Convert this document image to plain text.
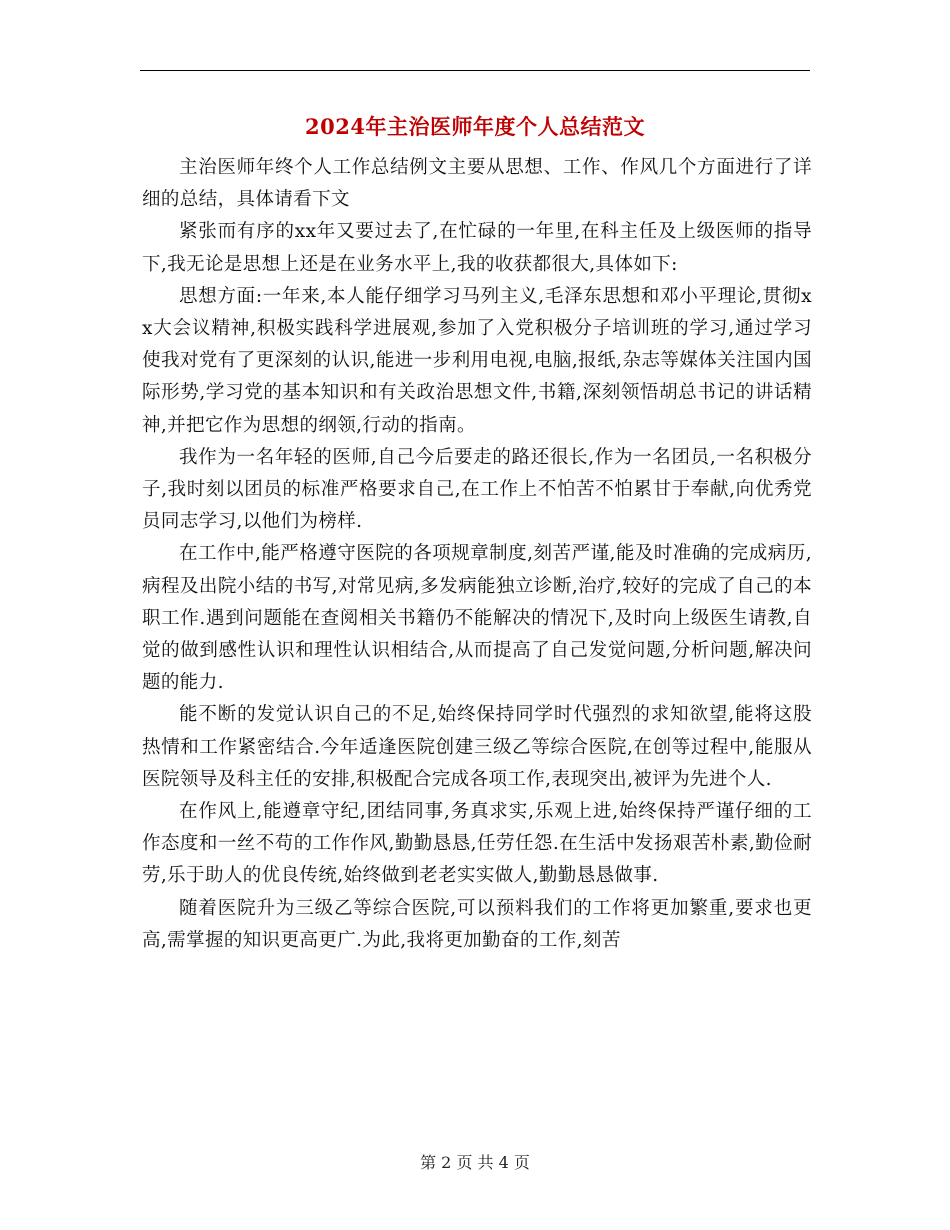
2024年主治医师年度个人总结范文

主治医师年终个人工作总结例文主要从思想、工作、作风几个方面进行了详细的总结，具体请看下文

紧张而有序的xx年又要过去了,在忙碌的一年里,在科主任及上级医师的指导下,我无论是思想上还是在业务水平上,我的收获都很大,具体如下:

思想方面:一年来,本人能仔细学习马列主义,毛泽东思想和邓小平理论,贯彻xx大会议精神,积极实践科学进展观,参加了入党积极分子培训班的学习,通过学习使我对党有了更深刻的认识,能进一步利用电视,电脑,报纸,杂志等媒体关注国内国际形势,学习党的基本知识和有关政治思想文件,书籍,深刻领悟胡总书记的讲话精神,并把它作为思想的纲领,行动的指南。

我作为一名年轻的医师,自己今后要走的路还很长,作为一名团员,一名积极分子,我时刻以团员的标准严格要求自己,在工作上不怕苦不怕累甘于奉献,向优秀党员同志学习,以他们为榜样.

在工作中,能严格遵守医院的各项规章制度,刻苦严谨,能及时准确的完成病历,病程及出院小结的书写,对常见病,多发病能独立诊断,治疗,较好的完成了自己的本职工作.遇到问题能在查阅相关书籍仍不能解决的情况下,及时向上级医生请教,自觉的做到感性认识和理性认识相结合,从而提高了自己发觉问题,分析问题,解决问题的能力.

能不断的发觉认识自己的不足,始终保持同学时代强烈的求知欲望,能将这股热情和工作紧密结合.今年适逢医院创建三级乙等综合医院,在创等过程中,能服从医院领导及科主任的安排,积极配合完成各项工作,表现突出,被评为先进个人.

在作风上,能遵章守纪,团结同事,务真求实,乐观上进,始终保持严谨仔细的工作态度和一丝不苟的工作作风,勤勤恳恳,任劳任怨.在生活中发扬艰苦朴素,勤俭耐劳,乐于助人的优良传统,始终做到老老实实做人,勤勤恳恳做事.

随着医院升为三级乙等综合医院,可以预料我们的工作将更加繁重,要求也更高,需掌握的知识更高更广.为此,我将更加勤奋的工作,刻苦

第 2 页 共 4 页
